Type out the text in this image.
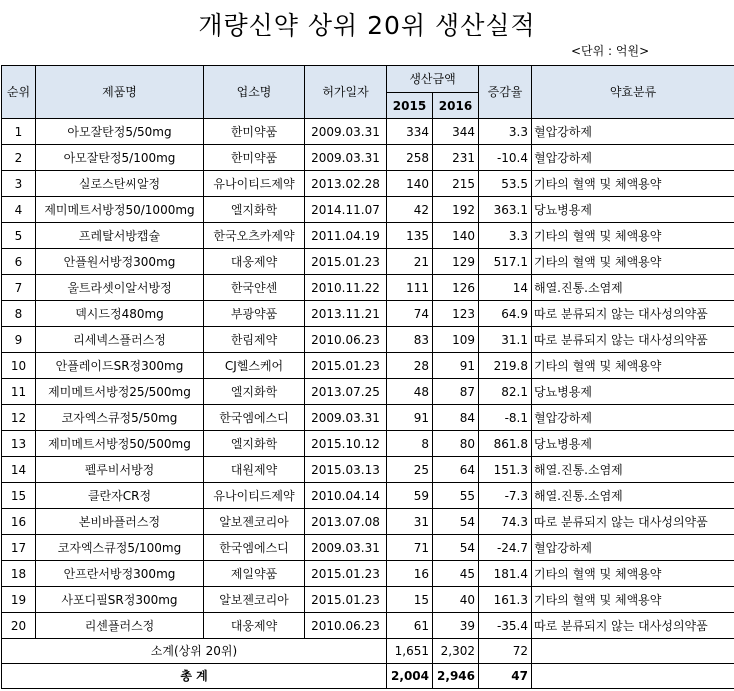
개량신약 상위 20위 생산실적
<단위 : 억원>
순위	제품명	업소명	허가일자	생산금액		증감율	약효분류
				2015	2016		
1	아모잘탄정5/50mg	한미약품	2009.03.31	334	344	3.3	혈압강하제
2	아모잘탄정5/100mg	한미약품	2009.03.31	258	231	-10.4	혈압강하제
3	실로스탄씨알정	유나이티드제약	2013.02.28	140	215	53.5	기타의 혈액 및 체액용약
4	제미메트서방정50/1000mg	엘지화학	2014.11.07	42	192	363.1	당뇨병용제
5	프레탈서방캡슐	한국오츠카제약	2011.04.19	135	140	3.3	기타의 혈액 및 체액용약
6	안플원서방정300mg	대웅제약	2015.01.23	21	129	517.1	기타의 혈액 및 체액용약
7	울트라셋이알서방정	한국얀센	2010.11.22	111	126	14	해열.진통.소염제
8	덱시드정480mg	부광약품	2013.11.21	74	123	64.9	따로 분류되지 않는 대사성의약품
9	리세넥스플러스정	한림제약	2010.06.23	83	109	31.1	따로 분류되지 않는 대사성의약품
10	안플레이드SR정300mg	CJ헬스케어	2015.01.23	28	91	219.8	기타의 혈액 및 체액용약
11	제미메트서방정25/500mg	엘지화학	2013.07.25	48	87	82.1	당뇨병용제
12	코자엑스큐정5/50mg	한국엠에스디	2009.03.31	91	84	-8.1	혈압강하제
13	제미메트서방정50/500mg	엘지화학	2015.10.12	8	80	861.8	당뇨병용제
14	펠루비서방정	대원제약	2015.03.13	25	64	151.3	해열.진통.소염제
15	클란자CR정	유나이티드제약	2010.04.14	59	55	-7.3	해열.진통.소염제
16	본비바플러스정	알보젠코리아	2013.07.08	31	54	74.3	따로 분류되지 않는 대사성의약품
17	코자엑스큐정5/100mg	한국엠에스디	2009.03.31	71	54	-24.7	혈압강하제
18	안프란서방정300mg	제일약품	2015.01.23	16	45	181.4	기타의 혈액 및 체액용약
19	사포디필SR정300mg	알보젠코리아	2015.01.23	15	40	161.3	기타의 혈액 및 체액용약
20	리센플러스정	대웅제약	2010.06.23	61	39	-35.4	따로 분류되지 않는 대사성의약품
소계(상위 20위)				1,651	2,302	72	
총 계				2,004	2,946	47	
